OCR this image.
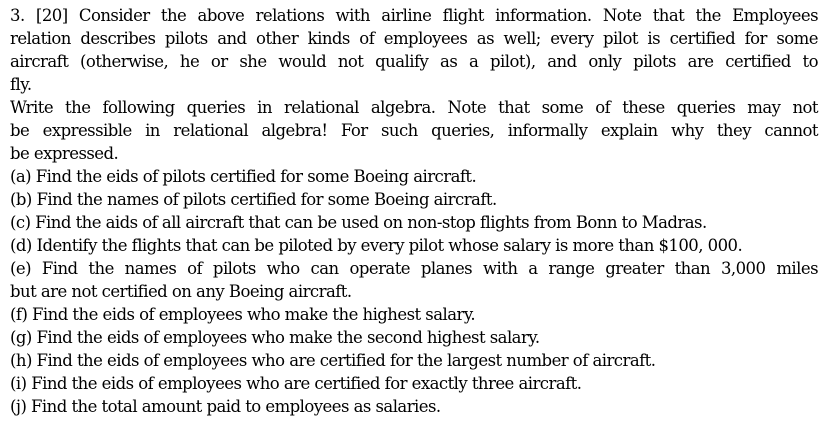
3. [20] Consider the above relations with airline flight information. Note that the Employees
relation describes pilots and other kinds of employees as well; every pilot is certified for some
aircraft (otherwise, he or she would not qualify as a pilot), and only pilots are certified to
fly.
Write the following queries in relational algebra. Note that some of these queries may not
be expressible in relational algebra! For such queries, informally explain why they cannot
be expressed.
(a) Find the eids of pilots certified for some Boeing aircraft.
(b) Find the names of pilots certified for some Boeing aircraft.
(c) Find the aids of all aircraft that can be used on non-stop flights from Bonn to Madras.
(d) Identify the flights that can be piloted by every pilot whose salary is more than $100, 000.
(e) Find the names of pilots who can operate planes with a range greater than 3,000 miles
but are not certified on any Boeing aircraft.
(f) Find the eids of employees who make the highest salary.
(g) Find the eids of employees who make the second highest salary.
(h) Find the eids of employees who are certified for the largest number of aircraft.
(i) Find the eids of employees who are certified for exactly three aircraft.
(j) Find the total amount paid to employees as salaries.
